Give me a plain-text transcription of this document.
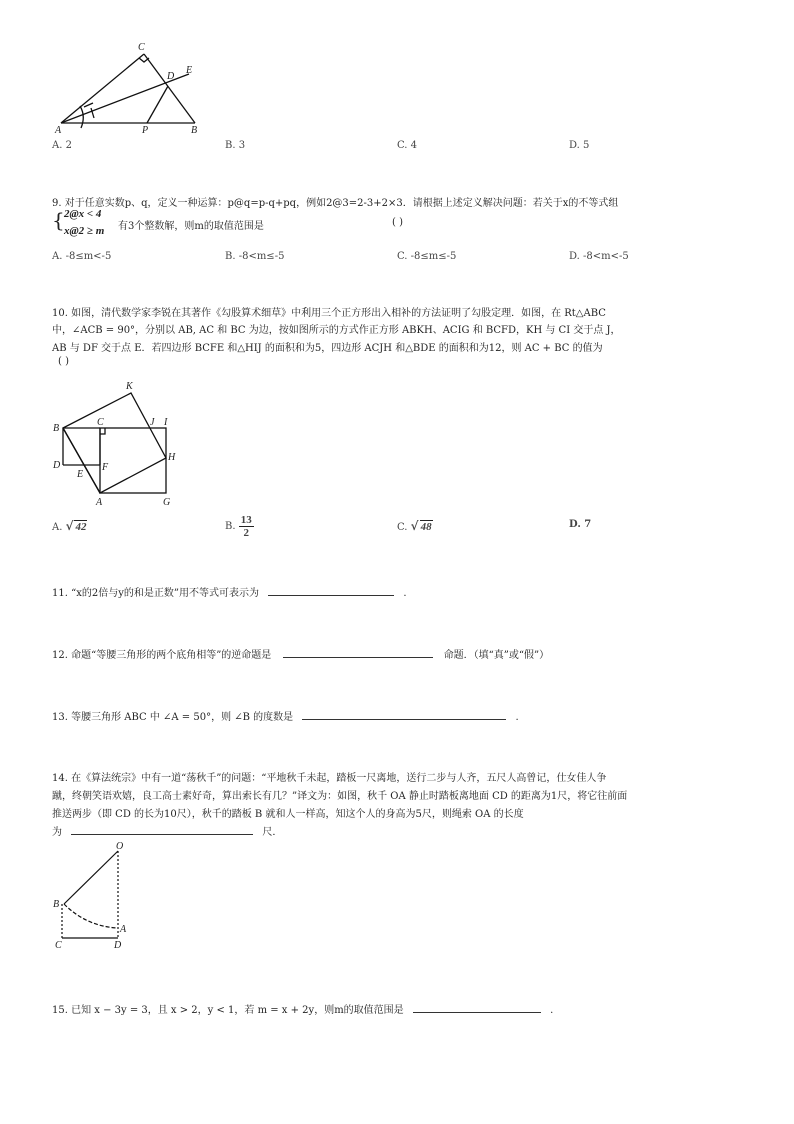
C
D
E
A	P	B
A. 2	B. 3	C. 4	D. 5
9. 对于任意实数p、q，定义一种运算：p@q=p-q+pq，例如2@3=2-3+2×3．请根据上述定义解决问题：若关于x的不等式组
{ 2@x < 4
x@2 ≥ m 有3个整数解，则m的取值范围是	( )
A. -8≤m<-5	B. -8<m≤-5	C. -8≤m≤-5	D. -8<m<-5
10. 如图，清代数学家李锐在其著作《勾股算术细草》中利用三个正方形出入相补的方法证明了勾股定理．如图，在 Rt△ABC
中，∠ACB = 90°，分别以 AB, AC 和 BC 为边，按如图所示的方式作正方形 ABKH、ACIG 和 BCFD，KH 与 CI 交于点 J，
AB 与 DF 交于点 E．若四边形 BCFE 和△HIJ 的面积和为5，四边形 ACJH 和△BDE 的面积和为12，则 AC + BC 的值为
( )
K
B
C	J I
H
D	F
E
A	G
A. √ 42	B. $\frac{13}{2}$	C. √ 48	D. 7
11. “x的2倍与y的和是正数”用不等式可表示为	.
12. 命题“等腰三角形的两个底角相等”的逆命题是	命题．（填“真”或“假”）
13. 等腰三角形 ABC 中 ∠A = 50°，则 ∠B 的度数是	.
14. 在《算法统宗》中有一道“荡秋千”的问题：“平地秋千未起，踏板一尺离地，送行二步与人齐，五尺人高曾记，仕女佳人争
蹴，终朝笑语欢嬉，良工高士素好奇，算出索长有几？”译文为：如图，秋千 OA 静止时踏板离地面 CD 的距离为1尺，将它往前面
推送两步（即 CD 的长为10尺），秋千的踏板 B 就和人一样高，知这个人的身高为5尺，则绳索 OA 的长度
为	尺．
O
B
A
C	D
15. 已知 x − 3y = 3，且 x > 2，y < 1，若 m = x + 2y，则m的取值范围是	.
